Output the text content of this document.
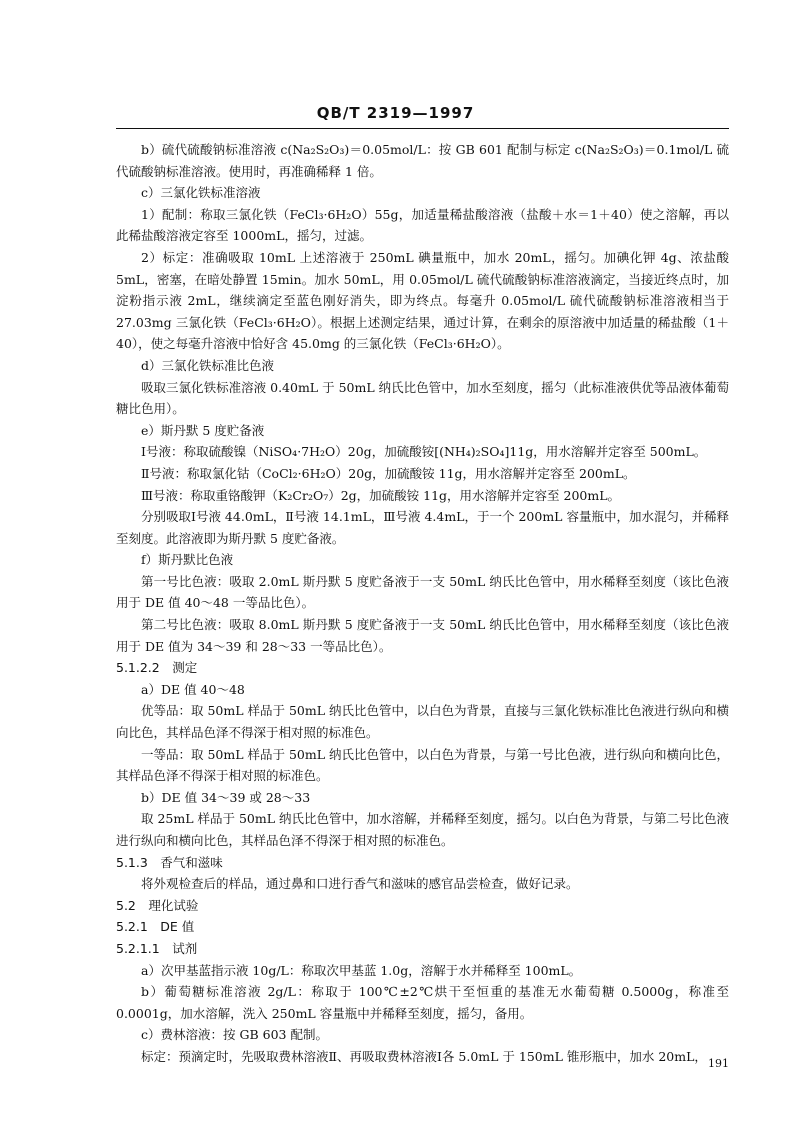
QB/T 2319—1997

b）硫代硫酸钠标准溶液 c(Na₂S₂O₃)＝0.05mol/L：按 GB 601 配制与标定 c(Na₂S₂O₃)＝0.1mol/L 硫代硫酸钠标准溶液。使用时，再准确稀释 1 倍。

c）三氯化铁标准溶液

1）配制：称取三氯化铁（FeCl₃·6H₂O）55g，加适量稀盐酸溶液（盐酸＋水＝1＋40）使之溶解，再以此稀盐酸溶液定容至 1000mL，摇匀，过滤。

2）标定：准确吸取 10mL 上述溶液于 250mL 碘量瓶中，加水 20mL，摇匀。加碘化钾 4g、浓盐酸 5mL，密塞，在暗处静置 15min。加水 50mL，用 0.05mol/L 硫代硫酸钠标准溶液滴定，当接近终点时，加淀粉指示液 2mL，继续滴定至蓝色刚好消失，即为终点。每毫升 0.05mol/L 硫代硫酸钠标准溶液相当于 27.03mg 三氯化铁（FeCl₃·6H₂O）。根据上述测定结果，通过计算，在剩余的原溶液中加适量的稀盐酸（1＋40），使之每毫升溶液中恰好含 45.0mg 的三氯化铁（FeCl₃·6H₂O）。

d）三氯化铁标准比色液

吸取三氯化铁标准溶液 0.40mL 于 50mL 纳氏比色管中，加水至刻度，摇匀（此标准液供优等品液体葡萄糖比色用）。

e）斯丹默 5 度贮备液

Ⅰ号液：称取硫酸镍（NiSO₄·7H₂O）20g，加硫酸铵[(NH₄)₂SO₄]11g，用水溶解并定容至 500mL。

Ⅱ号液：称取氯化钴（CoCl₂·6H₂O）20g，加硫酸铵 11g，用水溶解并定容至 200mL。

Ⅲ号液：称取重铬酸钾（K₂Cr₂O₇）2g，加硫酸铵 11g，用水溶解并定容至 200mL。

分别吸取Ⅰ号液 44.0mL，Ⅱ号液 14.1mL，Ⅲ号液 4.4mL，于一个 200mL 容量瓶中，加水混匀，并稀释至刻度。此溶液即为斯丹默 5 度贮备液。

f）斯丹默比色液

第一号比色液：吸取 2.0mL 斯丹默 5 度贮备液于一支 50mL 纳氏比色管中，用水稀释至刻度（该比色液用于 DE 值 40～48 一等品比色）。

第二号比色液：吸取 8.0mL 斯丹默 5 度贮备液于一支 50mL 纳氏比色管中，用水稀释至刻度（该比色液用于 DE 值为 34～39 和 28～33 一等品比色）。

5.1.2.2　测定

a）DE 值 40～48

优等品：取 50mL 样品于 50mL 纳氏比色管中，以白色为背景，直接与三氯化铁标准比色液进行纵向和横向比色，其样品色泽不得深于相对照的标准色。

一等品：取 50mL 样品于 50mL 纳氏比色管中，以白色为背景，与第一号比色液，进行纵向和横向比色，其样品色泽不得深于相对照的标准色。

b）DE 值 34～39 或 28～33

取 25mL 样品于 50mL 纳氏比色管中，加水溶解，并稀释至刻度，摇匀。以白色为背景，与第二号比色液进行纵向和横向比色，其样品色泽不得深于相对照的标准色。

5.1.3　香气和滋味

将外观检查后的样品，通过鼻和口进行香气和滋味的感官品尝检查，做好记录。

5.2　理化试验

5.2.1　DE 值

5.2.1.1　试剂

a）次甲基蓝指示液 10g/L：称取次甲基蓝 1.0g，溶解于水并稀释至 100mL。

b）葡萄糖标准溶液 2g/L：称取于 100℃±2℃烘干至恒重的基准无水葡萄糖 0.5000g，称准至 0.0001g，加水溶解，洗入 250mL 容量瓶中并稀释至刻度，摇匀，备用。

c）费林溶液：按 GB 603 配制。

标定：预滴定时，先吸取费林溶液Ⅱ、再吸取费林溶液Ⅰ各 5.0mL 于 150mL 锥形瓶中，加水 20mL， 191
